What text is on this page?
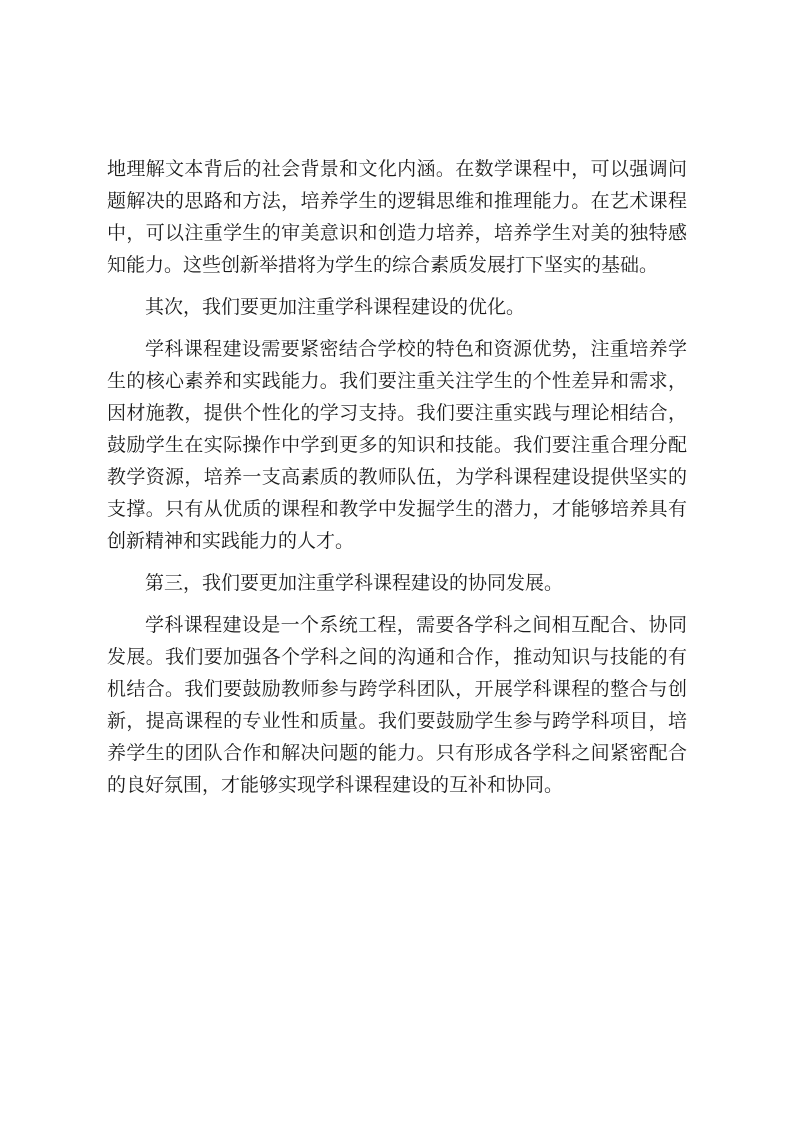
地理解文本背后的社会背景和文化内涵。在数学课程中，可以强调问题解决的思路和方法，培养学生的逻辑思维和推理能力。在艺术课程中，可以注重学生的审美意识和创造力培养，培养学生对美的独特感知能力。这些创新举措将为学生的综合素质发展打下坚实的基础。

其次，我们要更加注重学科课程建设的优化。

学科课程建设需要紧密结合学校的特色和资源优势，注重培养学生的核心素养和实践能力。我们要注重关注学生的个性差异和需求，因材施教，提供个性化的学习支持。我们要注重实践与理论相结合，鼓励学生在实际操作中学到更多的知识和技能。我们要注重合理分配教学资源，培养一支高素质的教师队伍，为学科课程建设提供坚实的支撑。只有从优质的课程和教学中发掘学生的潜力，才能够培养具有创新精神和实践能力的人才。

第三，我们要更加注重学科课程建设的协同发展。

学科课程建设是一个系统工程，需要各学科之间相互配合、协同发展。我们要加强各个学科之间的沟通和合作，推动知识与技能的有机结合。我们要鼓励教师参与跨学科团队，开展学科课程的整合与创新，提高课程的专业性和质量。我们要鼓励学生参与跨学科项目，培养学生的团队合作和解决问题的能力。只有形成各学科之间紧密配合的良好氛围，才能够实现学科课程建设的互补和协同。
